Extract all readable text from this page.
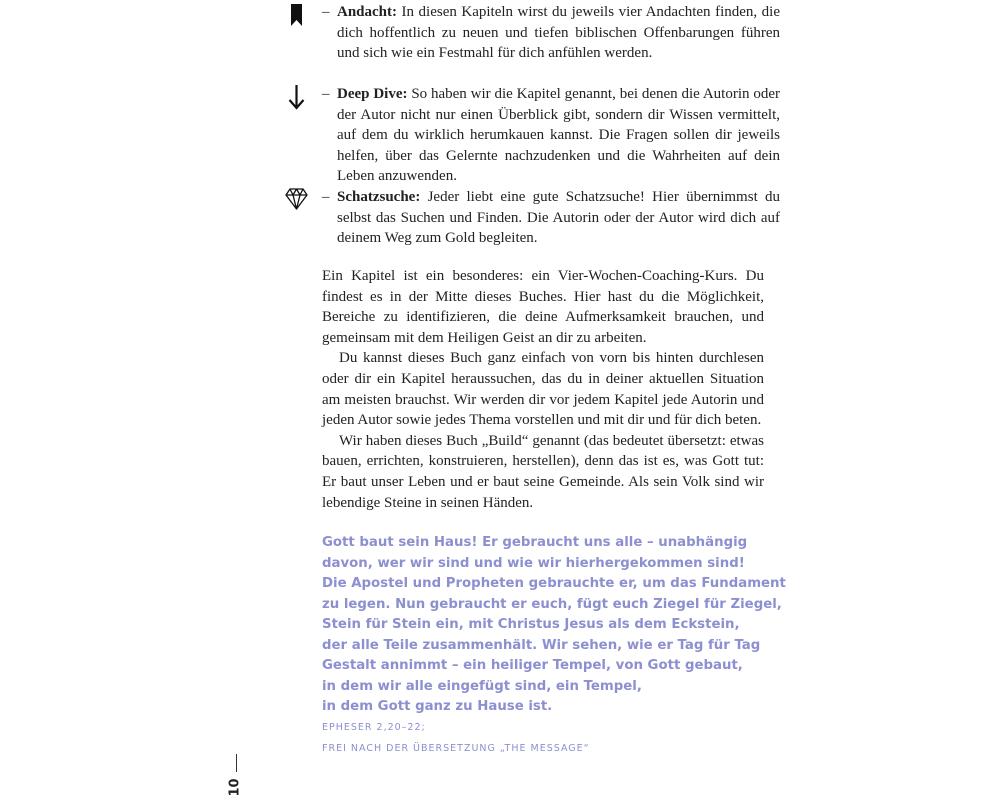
– Andacht: In diesen Kapiteln wirst du jeweils vier Andachten finden, die dich hoffentlich zu neuen und tiefen biblischen Offenbarungen führen und sich wie ein Festmahl für dich anfühlen werden.
– Deep Dive: So haben wir die Kapitel genannt, bei denen die Autorin oder der Autor nicht nur einen Überblick gibt, sondern dir Wissen vermittelt, auf dem du wirklich herumkauen kannst. Die Fragen sollen dir jeweils helfen, über das Gelernte nachzudenken und die Wahrheiten auf dein Leben anzuwenden.
– Schatzsuche: Jeder liebt eine gute Schatzsuche! Hier übernimmst du selbst das Suchen und Finden. Die Autorin oder der Autor wird dich auf deinem Weg zum Gold begleiten.

Ein Kapitel ist ein besonderes: ein Vier-Wochen-Coaching-Kurs. Du findest es in der Mitte dieses Buches. Hier hast du die Möglichkeit, Bereiche zu identifizieren, die deine Aufmerksamkeit brauchen, und gemeinsam mit dem Heiligen Geist an dir zu arbeiten.

Du kannst dieses Buch ganz einfach von vorn bis hinten durchlesen oder dir ein Kapitel heraussuchen, das du in deiner aktuellen Situation am meisten brauchst. Wir werden dir vor jedem Kapitel jede Autorin und jeden Autor sowie jedes Thema vorstellen und mit dir und für dich beten.

Wir haben dieses Buch „Build“ genannt (das bedeutet übersetzt: etwas bauen, errichten, konstruieren, herstellen), denn das ist es, was Gott tut: Er baut unser Leben und er baut seine Gemeinde. Als sein Volk sind wir lebendige Steine in seinen Händen.

Gott baut sein Haus! Er gebraucht uns alle – unabhängig
davon, wer wir sind und wie wir hierhergekommen sind!
Die Apostel und Propheten gebrauchte er, um das Fundament
zu legen. Nun gebraucht er euch, fügt euch Ziegel für Ziegel,
Stein für Stein ein, mit Christus Jesus als dem Eckstein,
der alle Teile zusammenhält. Wir sehen, wie er Tag für Tag
Gestalt annimmt – ein heiliger Tempel, von Gott gebaut,
in dem wir alle eingefügt sind, ein Tempel,
in dem Gott ganz zu Hause ist.
EPHESER 2,20–22;
FREI NACH DER ÜBERSETZUNG „THE MESSAGE“
10
